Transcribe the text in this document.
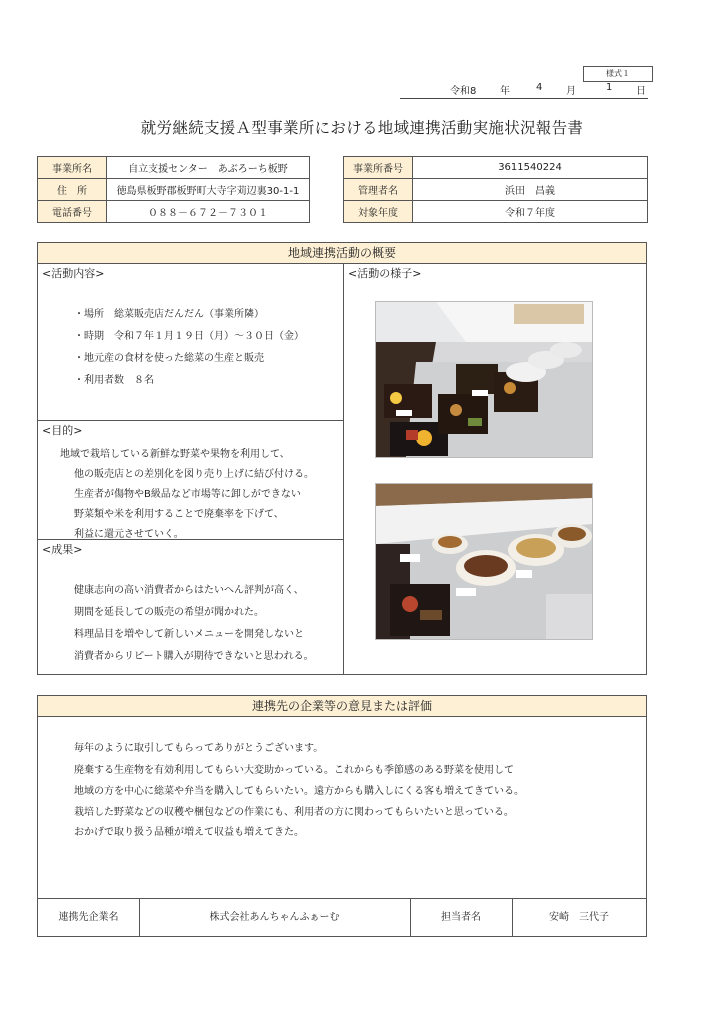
様式１
令和8 年	4 月	1 日
就労継続支援Ａ型事業所における地域連携活動実施状況報告書
事業所名	自立支援センター　あぶろーち板野
住　所	徳島県板野郡板野町大寺字苅辺裏30-1-1
電話番号	０８８－６７２－７３０１
事業所番号	3611540224
管理者名	浜田　昌義
対象年度	令和７年度
地域連携活動の概要
<活動内容>
・場所　総菜販売店だんだん（事業所隣）
・時期　令和７年１月１９日（月）～３０日（金）
・地元産の食材を使った総菜の生産と販売
・利用者数　８名
<目的>
地域で栽培している新鮮な野菜や果物を利用して、
他の販売店との差別化を図り売り上げに結び付ける。
生産者が傷物やB級品など市場等に卸しができない
野菜類や米を利用することで廃棄率を下げて、
利益に還元させていく。
<成果>
健康志向の高い消費者からはたいへん評判が高く、
期間を延長しての販売の希望が聞かれた。
料理品目を増やして新しいメニューを開発しないと
消費者からリピート購入が期待できないと思われる。
<活動の様子>
連携先の企業等の意見または評価
毎年のように取引してもらってありがとうございます。
廃棄する生産物を有効利用してもらい大変助かっている。これからも季節感のある野菜を使用して
地域の方を中心に総菜や弁当を購入してもらいたい。遠方からも購入しにくる客も増えてきている。
栽培した野菜などの収穫や梱包などの作業にも、利用者の方に関わってもらいたいと思っている。
おかげで取り扱う品種が増えて収益も増えてきた。
連携先企業名	株式会社あんちゃんふぁーむ	担当者名	安崎　三代子
